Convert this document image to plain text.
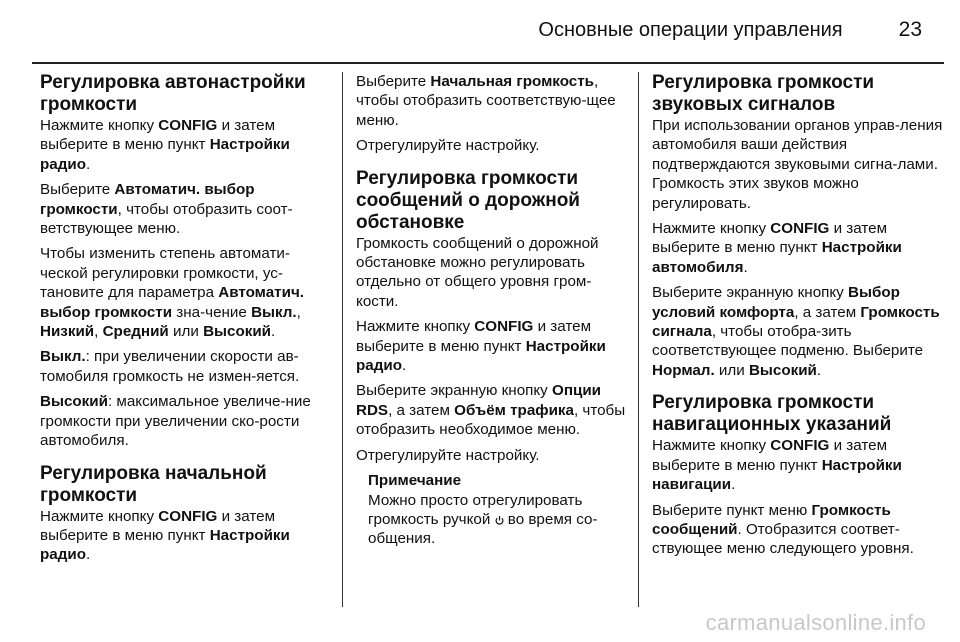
Основные операции управления	23
Регулировка автонастройки громкости

Нажмите кнопку CONFIG и затем выберите в меню пункт Настройки радио.

Выберите Автоматич. выбор громкости, чтобы отобразить соот-ветствующее меню.

Чтобы изменить степень автомати-ческой регулировки громкости, ус-тановите для параметра Автоматич. выбор громкости зна-чение Выкл., Низкий, Средний или Высокий.

Выкл.: при увеличении скорости ав-томобиля громкость не измен-яется.

Высокий: максимальное увеличе-ние громкости при увеличении ско-рости автомобиля.

Регулировка начальной громкости

Нажмите кнопку CONFIG и затем выберите в меню пункт Настройки радио.

Выберите Начальная громкость, чтобы отобразить соответствую-щее меню.

Отрегулируйте настройку.

Регулировка громкости сообщений о дорожной обстановке

Громкость сообщений о дорожной обстановке можно регулировать отдельно от общего уровня гром-кости.

Нажмите кнопку CONFIG и затем выберите в меню пункт Настройки радио.

Выберите экранную кнопку Опции RDS, а затем Объём трафика, чтобы отобразить необходимое меню.

Отрегулируйте настройку.

Примечание
Можно просто отрегулировать громкость ручкой
во время со-общения.
Регулировка громкости звуковых сигналов

При использовании органов управ-ления автомобиля ваши действия подтверждаются звуковыми сигна-лами. Громкость этих звуков можно регулировать.

Нажмите кнопку CONFIG и затем выберите в меню пункт Настройки автомобиля.

Выберите экранную кнопку Выбор условий комфорта, а затем Громкость сигнала, чтобы отобра-зить соответствующее подменю. Выберите Нормал. или Высокий.

Регулировка громкости навигационных указаний

Нажмите кнопку CONFIG и затем выберите в меню пункт Настройки навигации.

Выберите пункт меню Громкость сообщений. Отобразится соответ-ствующее меню следующего уровня.

carmanualsonline.info
